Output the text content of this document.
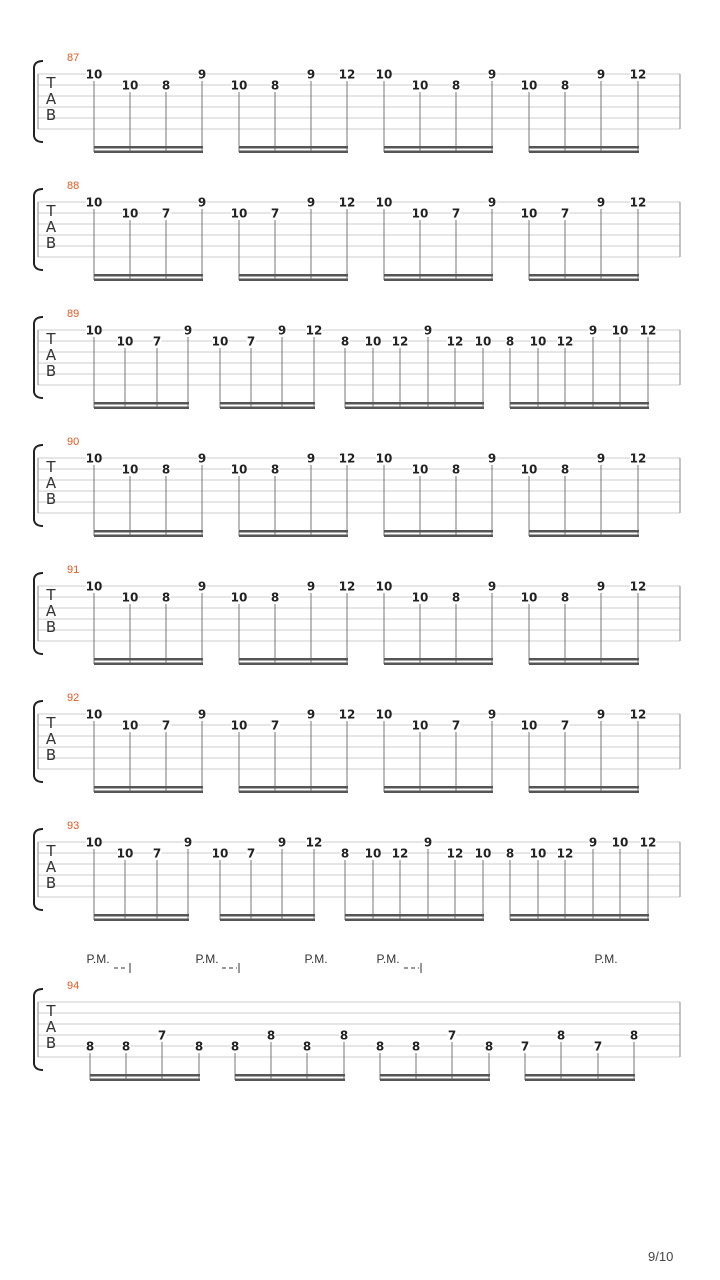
T
A
B
87
10
10 8
9
10 8
9 12 10
10 8
9
10 8
9 12
T
A
B
88
10
10 7
9
10 7
9 12 10
10 7
9
10 7
9 12
T
A
B
89
10
10 7
9
10 7
9 12
8 10 12
9
12 10 8 10 12
9 10 12
T
A
B
90
10
10 8
9
10 8
9 12 10
10 8
9
10 8
9 12
T
A
B
91
10
10 8
9
10 8
9 12 10
10 8
9
10 8
9 12
T
A
B
92
10
10 7
9
10 7
9 12 10
10 7
9
10 7
9 12
T
A
B
93
10
10 7
9
10 7
9 12
8 10 12
9
12 10 8 10 12
9 10 12
T
A
B
94
P.M.	P.M.	P.M.	P.M.	P.M.
8 8
7
8 8
8
8
8
8 8
7
8 7
8
7
8
9/10
